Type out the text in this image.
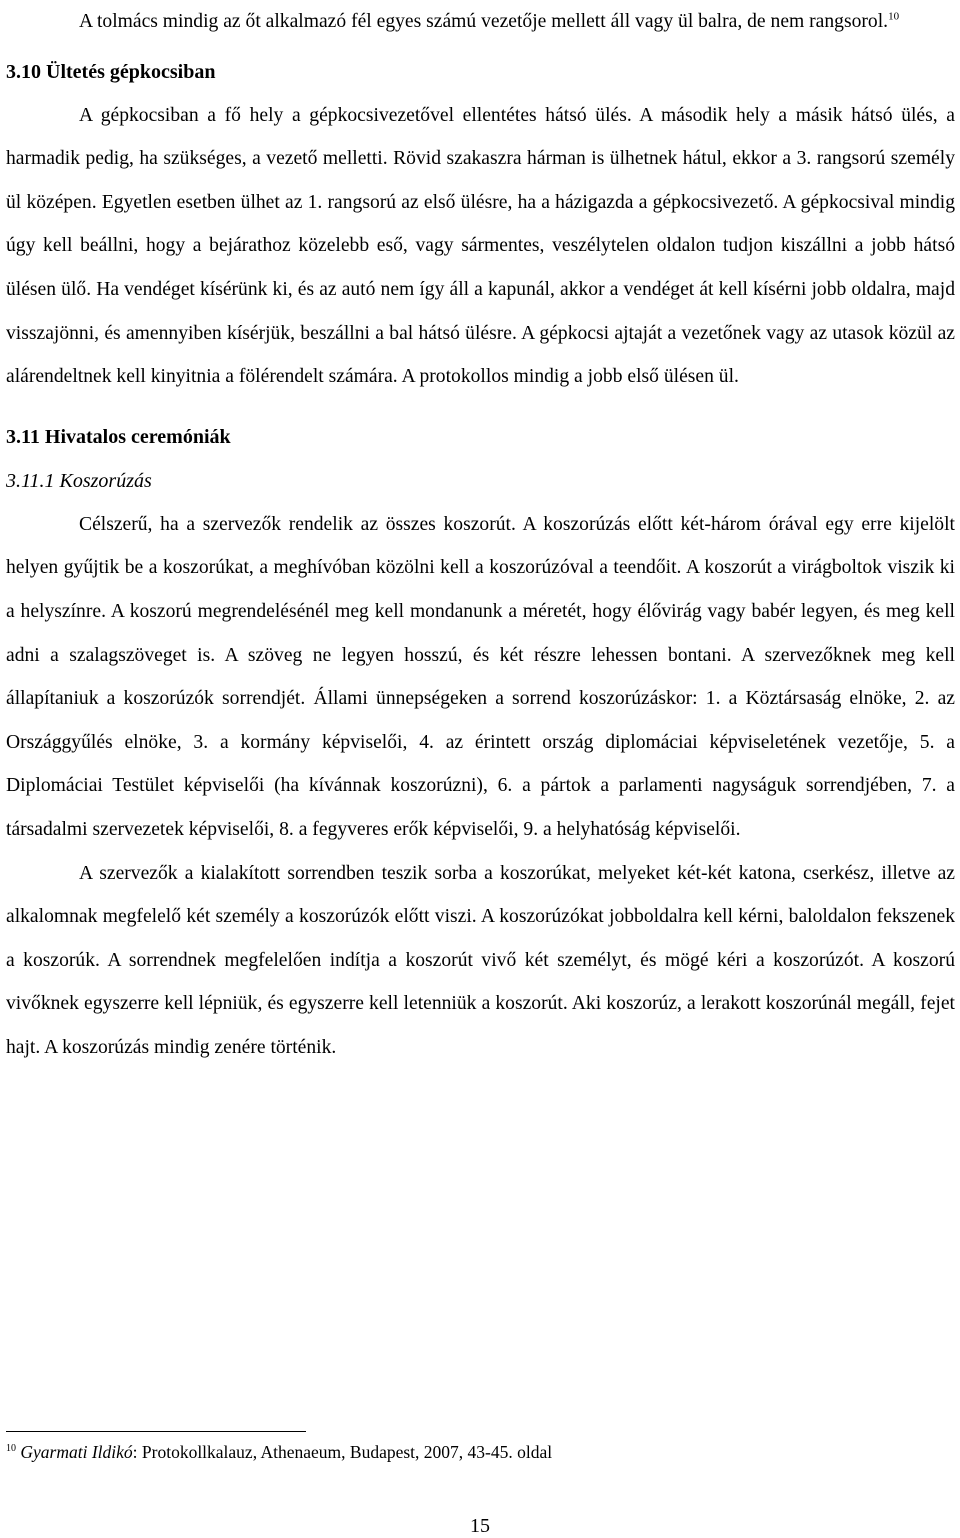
A tolmács mindig az őt alkalmazó fél egyes számú vezetője mellett áll vagy ül balra, de nem rangsorol.$^{10}$

3.10 Ültetés gépkocsiban

A gépkocsiban a fő hely a gépkocsivezetővel ellentétes hátsó ülés. A második hely a másik hátsó ülés, a harmadik pedig, ha szükséges, a vezető melletti. Rövid szakaszra hárman is ülhetnek hátul, ekkor a 3. rangsorú személy ül középen. Egyetlen esetben ülhet az 1. rangsorú az első ülésre, ha a házigazda a gépkocsivezető. A gépkocsival mindig úgy kell beállni, hogy a bejárathoz közelebb eső, vagy sármentes, veszélytelen oldalon tudjon kiszállni a jobb hátsó ülésen ülő. Ha vendéget kísérünk ki, és az autó nem így áll a kapunál, akkor a vendéget át kell kísérni jobb oldalra, majd visszajönni, és amennyiben kísérjük, beszállni a bal hátsó ülésre. A gépkocsi ajtaját a vezetőnek vagy az utasok közül az alárendeltnek kell kinyitnia a fölérendelt számára. A protokollos mindig a jobb első ülésen ül.

3.11 Hivatalos ceremóniák
3.11.1 Koszorúzás

Célszerű, ha a szervezők rendelik az összes koszorút. A koszorúzás előtt két-három órával egy erre kijelölt helyen gyűjtik be a koszorúkat, a meghívóban közölni kell a koszorúzóval a teendőit. A koszorút a virágboltok viszik ki a helyszínre. A koszorú megrendelésénél meg kell mondanunk a méretét, hogy élővirág vagy babér legyen, és meg kell adni a szalagszöveget is. A szöveg ne legyen hosszú, és két részre lehessen bontani. A szervezőknek meg kell állapítaniuk a koszorúzók sorrendjét. Állami ünnepségeken a sorrend koszorúzáskor: 1. a Köztársaság elnöke, 2. az Országgyűlés elnöke, 3. a kormány képviselői, 4. az érintett ország diplomáciai képviseletének vezetője, 5. a Diplomáciai Testület képviselői (ha kívánnak koszorúzni), 6. a pártok a parlamenti nagyságuk sorrendjében, 7. a társadalmi szervezetek képviselői, 8. a fegyveres erők képviselői, 9. a helyhatóság képviselői.

A szervezők a kialakított sorrendben teszik sorba a koszorúkat, melyeket két-két katona, cserkész, illetve az alkalomnak megfelelő két személy a koszorúzók előtt viszi. A koszorúzókat jobboldalra kell kérni, baloldalon fekszenek a koszorúk. A sorrendnek megfelelően indítja a koszorút vivő két személyt, és mögé kéri a koszorúzót. A koszorú vivőknek egyszerre kell lépniük, és egyszerre kell letenniük a koszorút. Aki koszorúz, a lerakott koszorúnál megáll, fejet hajt. A koszorúzás mindig zenére történik.

$^{10}$ Gyarmati Ildikó: Protokollkalauz, Athenaeum, Budapest, 2007, 43-45. oldal
15
